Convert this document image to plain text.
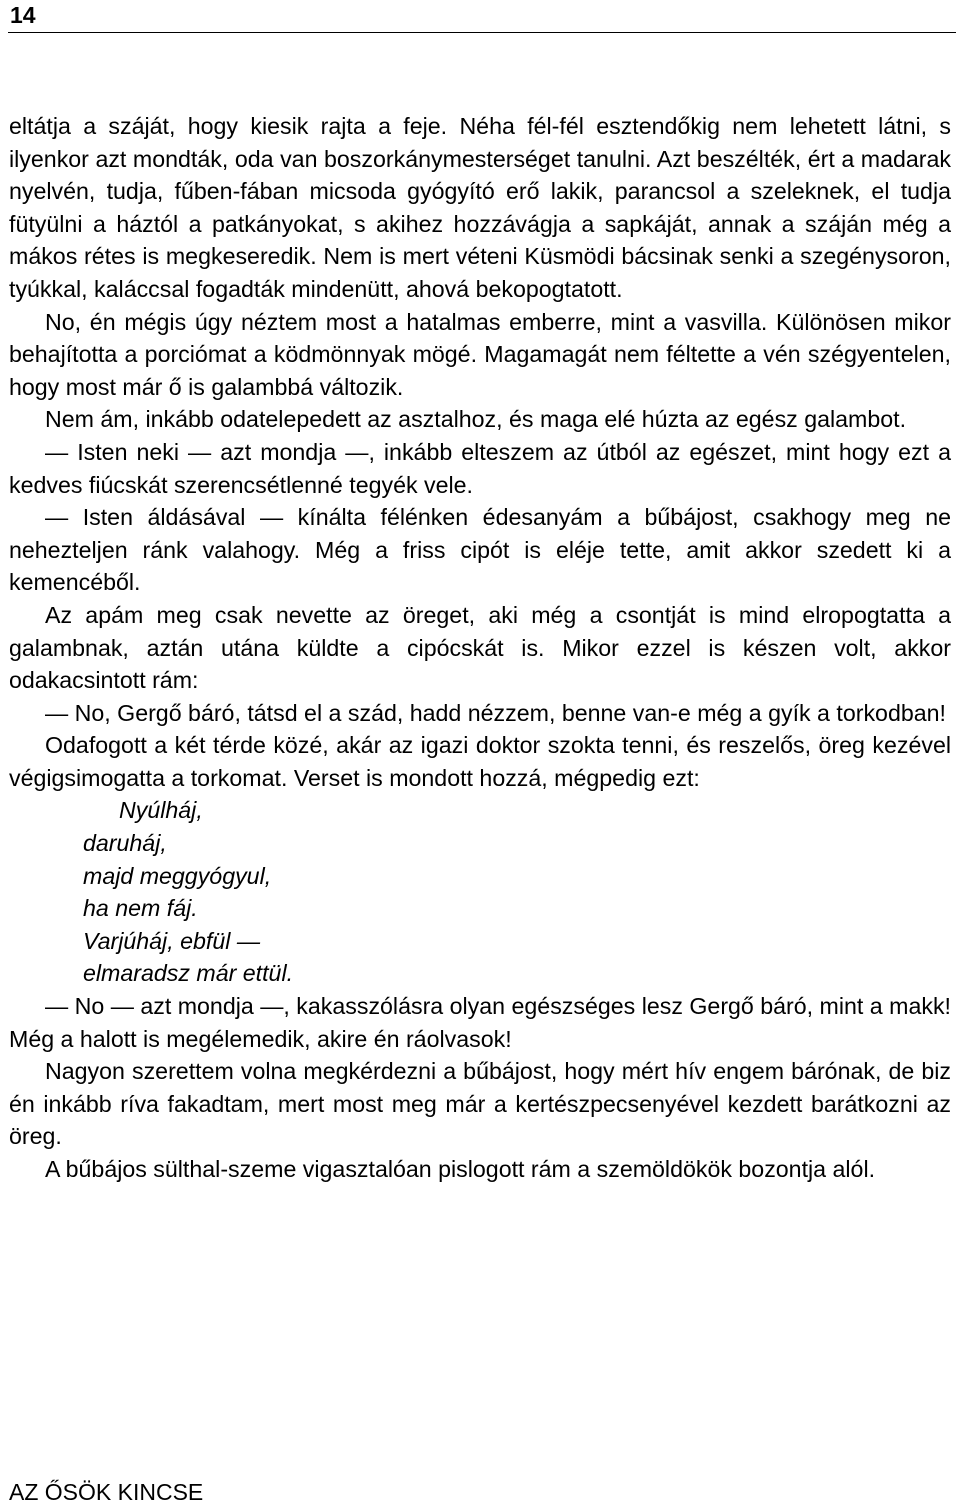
14

eltátja a száját, hogy kiesik rajta a feje. Néha fél-fél esztendőkig nem lehetett látni, s ilyenkor azt mondták, oda van boszorkánymesterséget tanulni. Azt beszélték, ért a madarak nyelvén, tudja, fűben-fában micsoda gyógyító erő lakik, parancsol a szeleknek, el tudja fütyülni a háztól a patkányokat, s akihez hozzávágja a sapkáját, annak a száján még a mákos rétes is megkeseredik. Nem is mert véteni Küsmödi bácsinak senki a szegénysoron, tyúkkal, kaláccsal fogadták mindenütt, ahová bekopogtatott.

No, én mégis úgy néztem most a hatalmas emberre, mint a vasvilla. Különösen mikor behajította a porciómat a ködmönnyak mögé. Magamagát nem féltette a vén szégyentelen, hogy most már ő is galambbá változik.

Nem ám, inkább odatelepedett az asztalhoz, és maga elé húzta az egész galambot.

— Isten neki — azt mondja —, inkább elteszem az útból az egészet, mint hogy ezt a kedves fiúcskát szerencsétlenné tegyék vele.

— Isten áldásával — kínálta félénken édesanyám a bűbájost, csakhogy meg ne nehezteljen ránk valahogy. Még a friss cipót is eléje tette, amit akkor szedett ki a kemencéből.

Az apám meg csak nevette az öreget, aki még a csontját is mind elropogtatta a galambnak, aztán utána küldte a cipócskát is. Mikor ezzel is készen volt, akkor odakacsintott rám:

— No, Gergő báró, tátsd el a szád, hadd nézzem, benne van-e még a gyík a torkodban!

Odafogott a két térde közé, akár az igazi doktor szokta tenni, és reszelős, öreg kezével végigsimogatta a torkomat. Verset is mondott hozzá, mégpedig ezt:

Nyúlháj,
daruháj,
majd meggyógyul,
ha nem fáj.
Varjúháj, ebfül —
elmaradsz már ettül.

— No — azt mondja —, kakasszólásra olyan egészséges lesz Gergő báró, mint a makk! Még a halott is megélemedik, akire én ráolvasok!

Nagyon szerettem volna megkérdezni a bűbájost, hogy mért hív engem bárónak, de biz én inkább ríva fakadtam, mert most meg már a kertészpecsenyével kezdett barátkozni az öreg.

A bűbájos sülthal-szeme vigasztalóan pislogott rám a szemöldökök bozontja alól.

AZ ŐSÖK KINCSE
